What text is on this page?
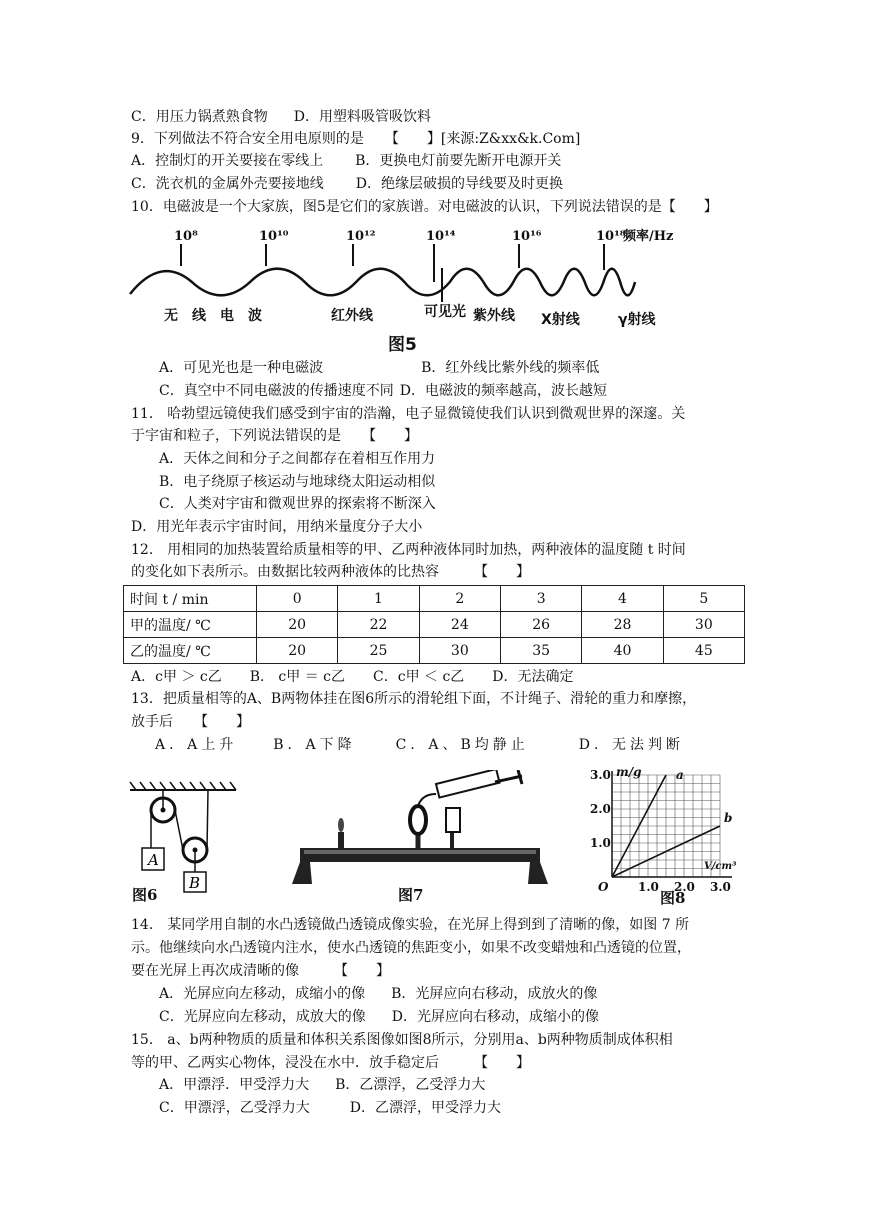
C．用压力锅煮熟食物 D．用塑料吸管吸饮料
9．下列做法不符合安全用电原则的是　　【　　】[来源:Z&xx&k.Com]
A．控制灯的开关要接在零线上 B．更换电灯前要先断开电源开关
C．洗衣机的金属外壳要接地线 D．绝缘层破损的导线要及时更换
10．电磁波是一个大家族，图5是它们的家族谱。对电磁波的认识，下列说法错误的是【　　】
10⁸	10¹⁰	10¹²	10¹⁴	10¹⁶	10¹⁸
频率/Hz
无　线　电　波	红外线	可见光 紫外线 X射线	γ射线
图5
A．可见光也是一种电磁波	B．红外线比紫外线的频率低
C．真空中不同电磁波的传播速度不同 D．电磁波的频率越高，波长越短
11． 哈勃望远镜使我们感受到宇宙的浩瀚，电子显微镜使我们认识到微观世界的深邃。关
于宇宙和粒子，下列说法错误的是　　【　　】
A．天体之间和分子之间都存在着相互作用力
B．电子绕原子核运动与地球绕太阳运动相似
C．人类对宇宙和微观世界的探索将不断深入
D．用光年表示宇宙时间，用纳米量度分子大小
12． 用相同的加热装置给质量相等的甲、乙两种液体同时加热，两种液体的温度随 t 时间
的变化如下表所示。由数据比较两种液体的比热容　　　【　　】
时间 t / min	0	1	2	3	4	5
甲的温度/ ℃	20	22	24	26	28	30
乙的温度/ ℃	20	25	30	35	40	45
A．c甲 ＞ c乙　　B． c甲 ＝ c乙　　C．c甲 ＜ c乙　　D．无法确定
13．把质量相等的A、B两物体挂在图6所示的滑轮组下面，不计绳子、滑轮的重力和摩擦，
放手后　　【　　】
A．A上升	B．A下降	C．A、B均静止	D．无法判断
A
B
图6	图7
m/g
V/cm³
3.0
2.0
1.0
1.0 2.0 3.0
O
a
b
图8
14． 某同学用自制的水凸透镜做凸透镜成像实验，在光屏上得到到了清晰的像，如图 7 所
示。他继续向水凸透镜内注水，使水凸透镜的焦距变小，如果不改变蜡烛和凸透镜的位置，
要在光屏上再次成清晰的像　　　【　　】
A．光屏应向左移动，成缩小的像 B．光屏应向右移动，成放火的像
C．光屏应向左移动，成放大的像 D．光屏应向右移动，成缩小的像
15． a、b两种物质的质量和体积关系图像如图8所示，分别用a、b两种物质制成体积相
等的甲、乙两实心物体，浸没在水中．放手稳定后　　　【　　】
A．甲漂浮．甲受浮力大 B．乙漂浮，乙受浮力大
C．甲漂浮，乙受浮力大	D．乙漂浮，甲受浮力大
